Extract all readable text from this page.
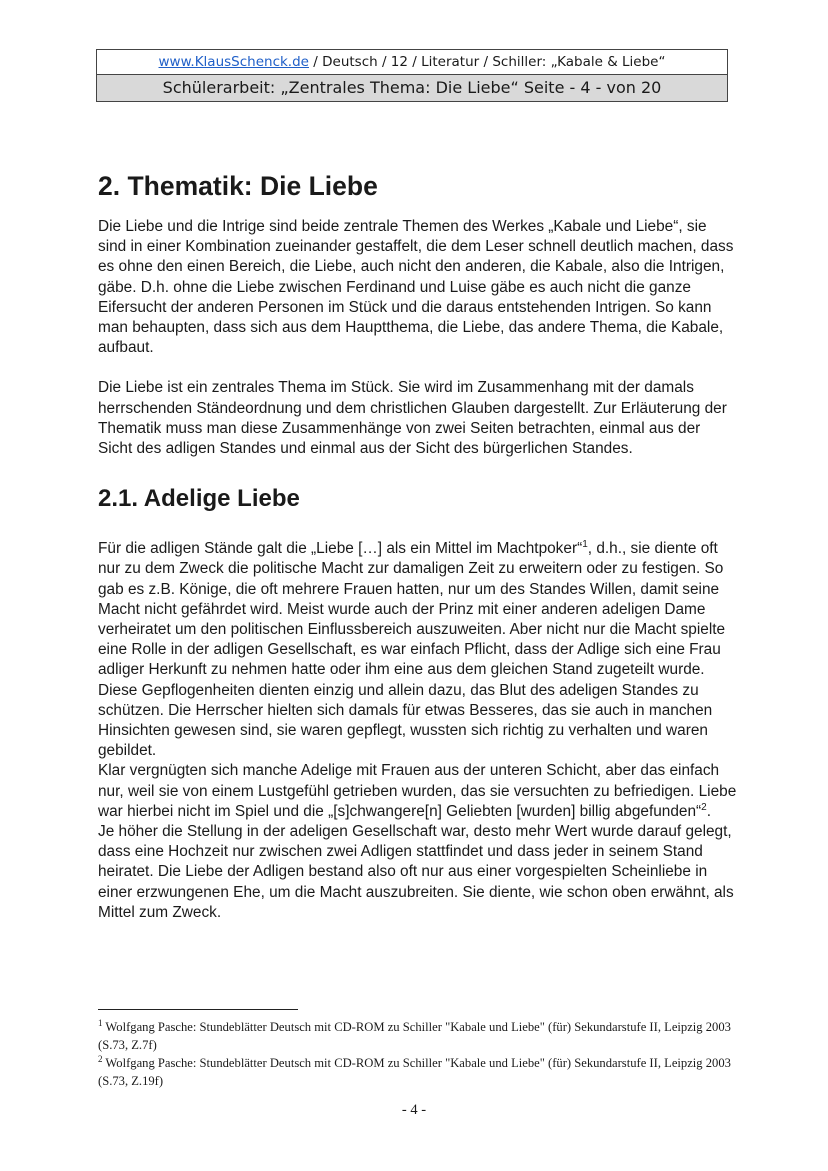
www.KlausSchenck.de / Deutsch / 12 / Literatur / Schiller: „Kabale & Liebe“
Schülerarbeit: „Zentrales Thema: Die Liebe“ Seite - 4 - von 20
2. Thematik: Die Liebe

Die Liebe und die Intrige sind beide zentrale Themen des Werkes „Kabale und Liebe“, sie sind in einer Kombination zueinander gestaffelt, die dem Leser schnell deutlich machen, dass es ohne den einen Bereich, die Liebe, auch nicht den anderen, die Kabale, also die Intrigen, gäbe. D.h. ohne die Liebe zwischen Ferdinand und Luise gäbe es auch nicht die ganze Eifersucht der anderen Personen im Stück und die daraus entstehenden Intrigen. So kann man behaupten, dass sich aus dem Hauptthema, die Liebe, das andere Thema, die Kabale, aufbaut.

Die Liebe ist ein zentrales Thema im Stück. Sie wird im Zusammenhang mit der damals herrschenden Ständeordnung und dem christlichen Glauben dargestellt. Zur Erläuterung der Thematik muss man diese Zusammenhänge von zwei Seiten betrachten, einmal aus der Sicht des adligen Standes und einmal aus der Sicht des bürgerlichen Standes.

2.1. Adelige Liebe

Für die adligen Stände galt die „Liebe […] als ein Mittel im Machtpoker“$^1$, d.h., sie diente oft nur zu dem Zweck die politische Macht zur damaligen Zeit zu erweitern oder zu festigen. So gab es z.B. Könige, die oft mehrere Frauen hatten, nur um des Standes Willen, damit seine Macht nicht gefährdet wird. Meist wurde auch der Prinz mit einer anderen adeligen Dame verheiratet um den politischen Einflussbereich auszuweiten. Aber nicht nur die Macht spielte eine Rolle in der adligen Gesellschaft, es war einfach Pflicht, dass der Adlige sich eine Frau adliger Herkunft zu nehmen hatte oder ihm eine aus dem gleichen Stand zugeteilt wurde. Diese Gepflogenheiten dienten einzig und allein dazu, das Blut des adeligen Standes zu schützen. Die Herrscher hielten sich damals für etwas Besseres, das sie auch in manchen Hinsichten gewesen sind, sie waren gepflegt, wussten sich richtig zu verhalten und waren gebildet.

Klar vergnügten sich manche Adelige mit Frauen aus der unteren Schicht, aber das einfach nur, weil sie von einem Lustgefühl getrieben wurden, das sie versuchten zu befriedigen. Liebe war hierbei nicht im Spiel und die „[s]chwangere[n] Geliebten [wurden] billig abgefunden“$^2$.

Je höher die Stellung in der adeligen Gesellschaft war, desto mehr Wert wurde darauf gelegt, dass eine Hochzeit nur zwischen zwei Adligen stattfindet und dass jeder in seinem Stand heiratet. Die Liebe der Adligen bestand also oft nur aus einer vorgespielten Scheinliebe in einer erzwungenen Ehe, um die Macht auszubreiten. Sie diente, wie schon oben erwähnt, als Mittel zum Zweck.

$^1$ Wolfgang Pasche: Stundeblätter Deutsch mit CD-ROM zu Schiller "Kabale und Liebe" (für) Sekundarstufe II, Leipzig 2003 (S.73, Z.7f)
$^2$ Wolfgang Pasche: Stundeblätter Deutsch mit CD-ROM zu Schiller "Kabale und Liebe" (für) Sekundarstufe II, Leipzig 2003 (S.73, Z.19f)
- 4 -
